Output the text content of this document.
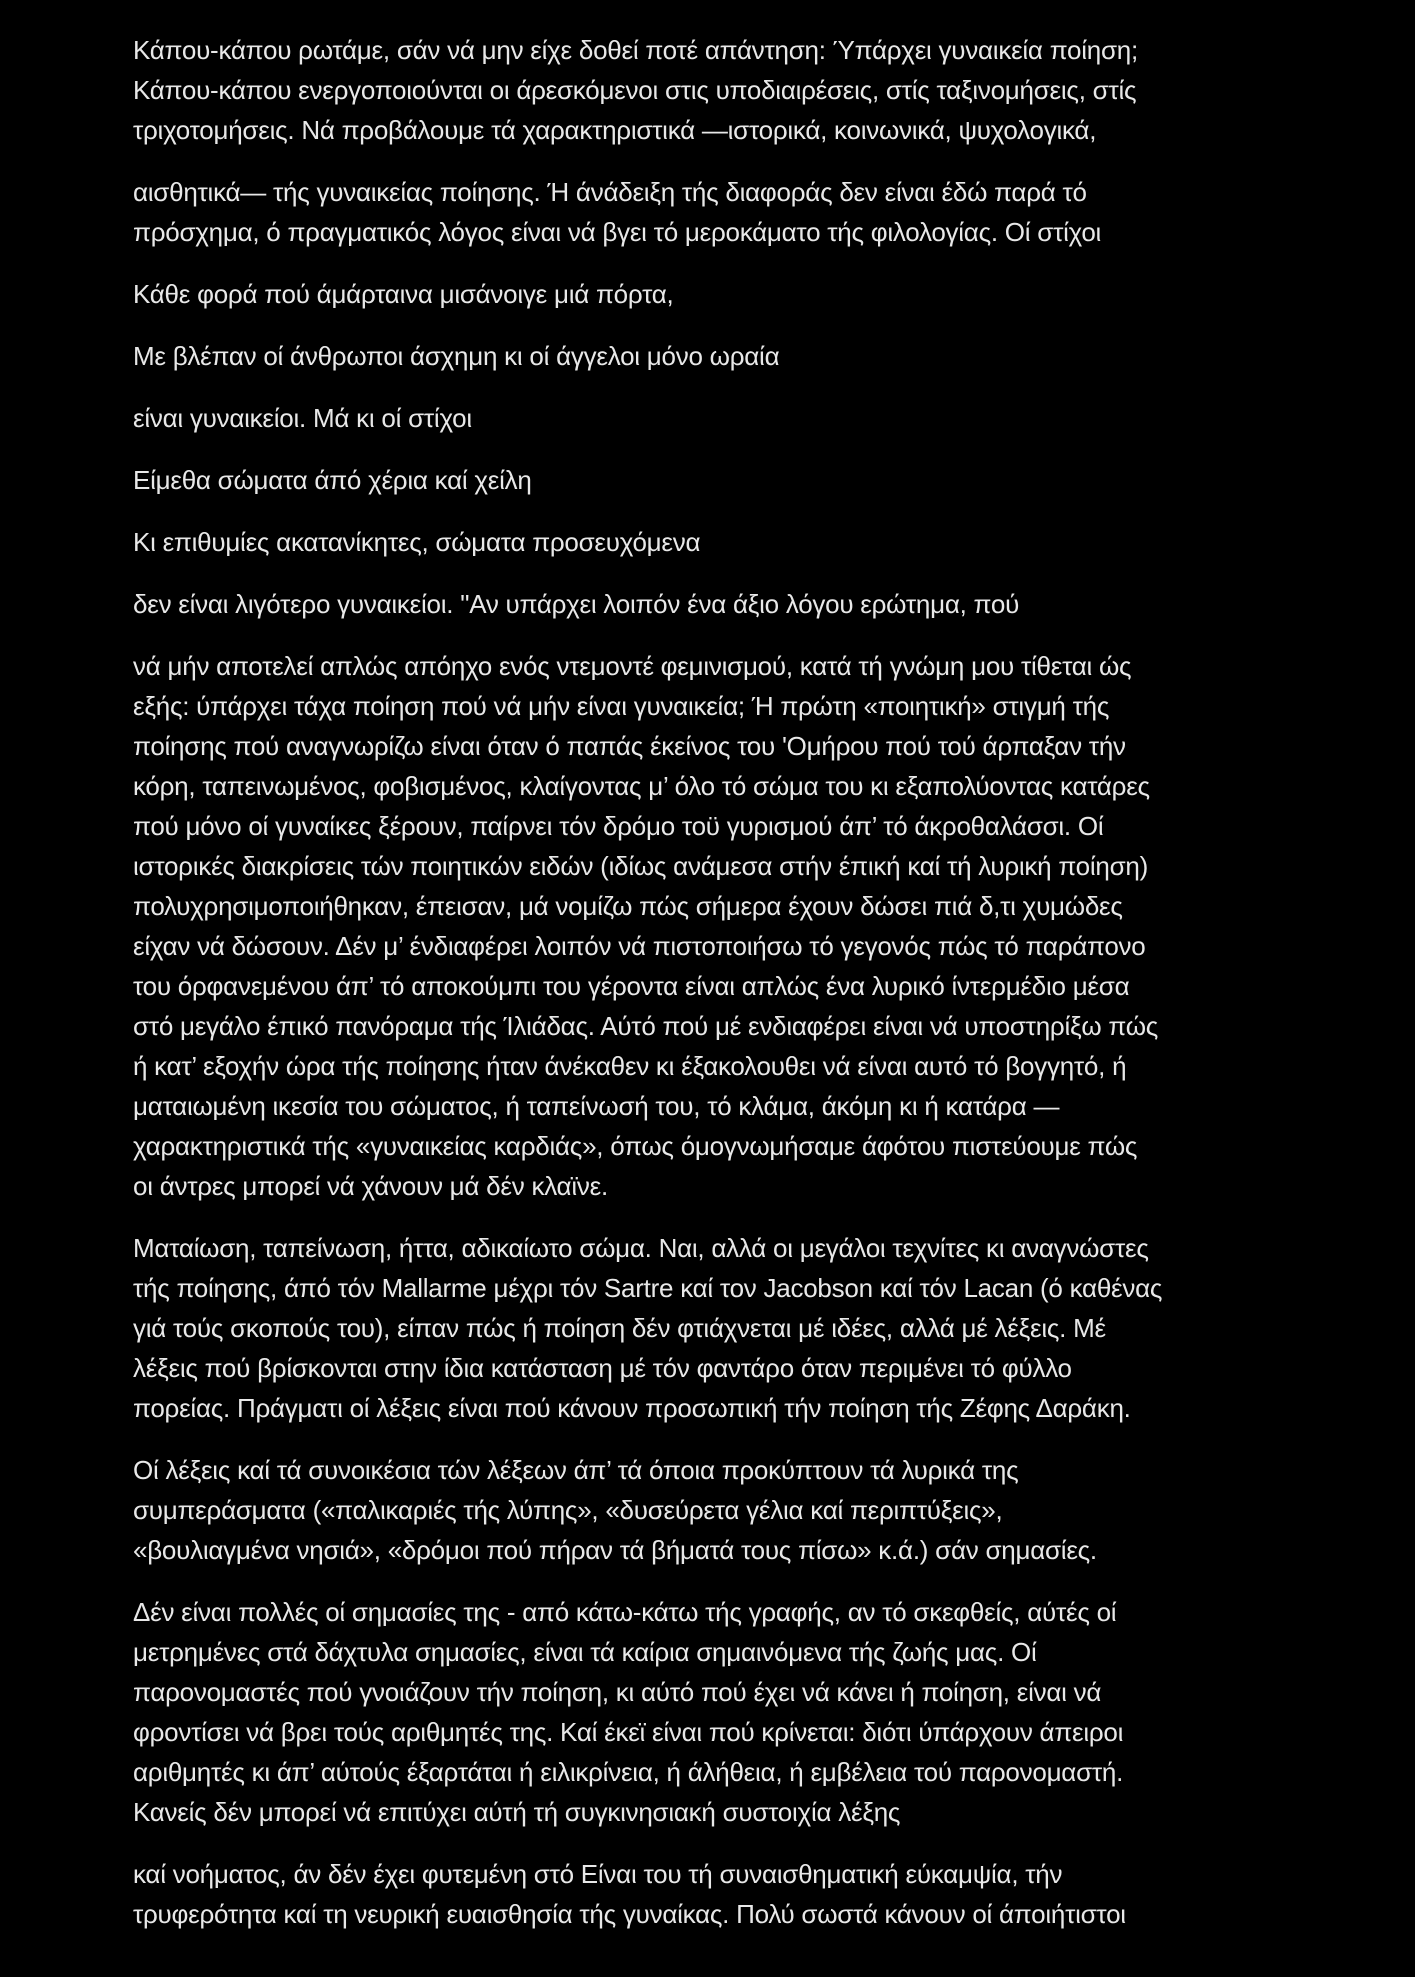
Κάπου-κάπου ρωτάμε, σάν νά μην είχε δοθεί ποτέ απάντηση: Ύπάρχει γυναικεία ποίηση;
Κάπου-κάπου ενεργοποιούνται οι άρεσκόμενοι στις υποδιαιρέσεις, στίς ταξινομήσεις, στίς
τριχοτομήσεις. Νά προβάλουμε τά χαρακτηριστικά —ιστορικά, κοινωνικά, ψυχολογικά,

αισθητικά— τής γυναικείας ποίησης. Ή άνάδειξη τής διαφοράς δεν είναι έδώ παρά τό
πρόσχημα, ό πραγματικός λόγος είναι νά βγει τό μεροκάματο τής φιλολογίας. Οί στίχοι

Κάθε φορά πού άμάρταινα μισάνοιγε μιά πόρτα,

Με βλέπαν οί άνθρωποι άσχημη κι οί άγγελοι μόνο ωραία

είναι γυναικείοι. Μά κι οί στίχοι

Είμεθα σώματα άπό χέρια καί χείλη

Κι επιθυμίες ακατανίκητες, σώματα προσευχόμενα

δεν είναι λιγότερο γυναικείοι. "Αν υπάρχει λοιπόν ένα άξιο λόγου ερώτημα, πού

νά μήν αποτελεί απλώς απόηχο ενός ντεμοντέ φεμινισμού, κατά τή γνώμη μου τίθεται ώς
εξής: ύπάρχει τάχα ποίηση πού νά μήν είναι γυναικεία; Ή πρώτη «ποιητική» στιγμή τής
ποίησης πού αναγνωρίζω είναι όταν ό παπάς έκείνος του 'Ομήρου πού τού άρπαξαν τήν
κόρη, ταπεινωμένος, φοβισμένος, κλαίγοντας μ’ όλο τό σώμα του κι εξαπολύοντας κατάρες
πού μόνο οί γυναίκες ξέρουν, παίρνει τόν δρόμο τοϋ γυρισμού άπ’ τό άκροθαλάσσι. Οί
ιστορικές διακρίσεις τών ποιητικών ειδών (ιδίως ανάμεσα στήν έπική καί τή λυρική ποίηση)
πολυχρησιμοποιήθηκαν, έπεισαν, μά νομίζω πώς σήμερα έχουν δώσει πιά δ,τι χυμώδες
είχαν νά δώσουν. Δέν μ’ ένδιαφέρει λοιπόν νά πιστοποιήσω τό γεγονός πώς τό παράπονο
του όρφανεμένου άπ’ τό αποκούμπι του γέροντα είναι απλώς ένα λυρικό ίντερμέδιο μέσα
στό μεγάλο έπικό πανόραμα τής Ίλιάδας. Αύτό πού μέ ενδιαφέρει είναι νά υποστηρίξω πώς
ή κατ’ εξοχήν ώρα τής ποίησης ήταν άνέκαθεν κι έξακολουθει νά είναι αυτό τό βογγητό, ή
ματαιωμένη ικεσία του σώματος, ή ταπείνωσή του, τό κλάμα, άκόμη κι ή κατάρα —
χαρακτηριστικά τής «γυναικείας καρδιάς», όπως όμογνωμήσαμε άφότου πιστεύουμε πώς
οι άντρες μπορεί νά χάνουν μά δέν κλαϊνε.

Ματαίωση, ταπείνωση, ήττα, αδικαίωτο σώμα. Ναι, αλλά οι μεγάλοι τεχνίτες κι αναγνώστες
τής ποίησης, άπό τόν Mallarme μέχρι τόν Sartre καί τον Jacobson καί τόν Lacan (ό καθένας
γιά τούς σκοπούς του), είπαν πώς ή ποίηση δέν φτιάχνεται μέ ιδέες, αλλά μέ λέξεις. Μέ
λέξεις πού βρίσκονται στην ίδια κατάσταση μέ τόν φαντάρο όταν περιμένει τό φύλλο
πορείας. Πράγματι οί λέξεις είναι πού κάνουν προσωπική τήν ποίηση τής Ζέφης Δαράκη.

Οί λέξεις καί τά συνοικέσια τών λέξεων άπ’ τά όποια προκύπτουν τά λυρικά της
συμπεράσματα («παλικαριές τής λύπης», «δυσεύρετα γέλια καί περιπτύξεις»,
«βουλιαγμένα νησιά», «δρόμοι πού πήραν τά βήματά τους πίσω» κ.ά.) σάν σημασίες.

Δέν είναι πολλές οί σημασίες της - από κάτω-κάτω τής γραφής, αν τό σκεφθείς, αύτές οί
μετρημένες στά δάχτυλα σημασίες, είναι τά καίρια σημαινόμενα τής ζωής μας. Οί
παρονομαστές πού γνοιάζουν τήν ποίηση, κι αύτό πού έχει νά κάνει ή ποίηση, είναι νά
φροντίσει νά βρει τούς αριθμητές της. Καί έκεϊ είναι πού κρίνεται: διότι ύπάρχουν άπειροι
αριθμητές κι άπ’ αύτούς έξαρτάται ή ειλικρίνεια, ή άλήθεια, ή εμβέλεια τού παρονομαστή.
Κανείς δέν μπορεί νά επιτύχει αύτή τή συγκινησιακή συστοιχία λέξης

καί νοήματος, άν δέν έχει φυτεμένη στό Είναι του τή συναισθηματική εύκαμψία, τήν
τρυφερότητα καί τη νευρική ευαισθησία τής γυναίκας. Πολύ σωστά κάνουν οί άποιήτιστοι
